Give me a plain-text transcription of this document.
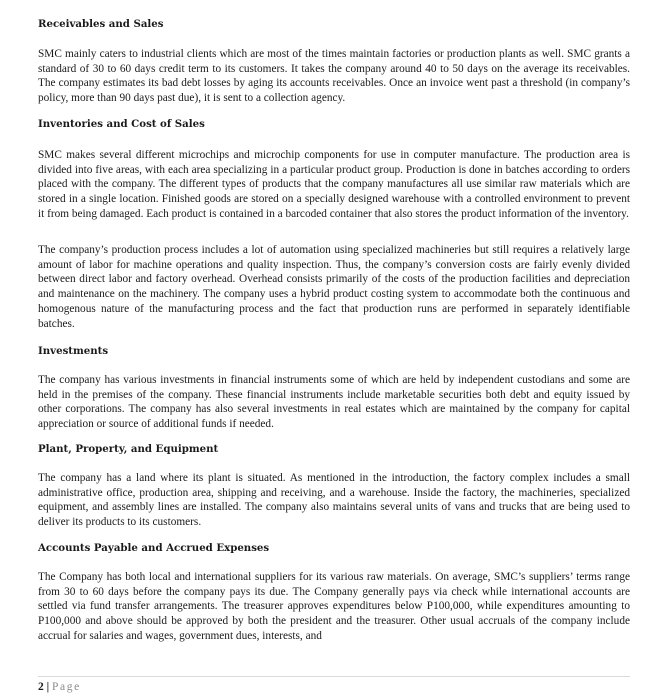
Receivables and Sales

SMC mainly caters to industrial clients which are most of the times maintain factories or production plants as well. SMC grants a standard of 30 to 60 days credit term to its customers. It takes the company around 40 to 50 days on the average its receivables. The company estimates its bad debt losses by aging its accounts receivables. Once an invoice went past a threshold (in company’s policy, more than 90 days past due), it is sent to a collection agency.

Inventories and Cost of Sales

SMC makes several different microchips and microchip components for use in computer manufacture. The production area is divided into five areas, with each area specializing in a particular product group. Production is done in batches according to orders placed with the company. The different types of products that the company manufactures all use similar raw materials which are stored in a single location. Finished goods are stored on a specially designed warehouse with a controlled environment to prevent it from being damaged. Each product is contained in a barcoded container that also stores the product information of the inventory.

The company’s production process includes a lot of automation using specialized machineries but still requires a relatively large amount of labor for machine operations and quality inspection. Thus, the company’s conversion costs are fairly evenly divided between direct labor and factory overhead. Overhead consists primarily of the costs of the production facilities and depreciation and maintenance on the machinery. The company uses a hybrid product costing system to accommodate both the continuous and homogenous nature of the manufacturing process and the fact that production runs are performed in separately identifiable batches.

Investments

The company has various investments in financial instruments some of which are held by independent custodians and some are held in the premises of the company. These financial instruments include marketable securities both debt and equity issued by other corporations. The company has also several investments in real estates which are maintained by the company for capital appreciation or source of additional funds if needed.

Plant, Property, and Equipment

The company has a land where its plant is situated. As mentioned in the introduction, the factory complex includes a small administrative office, production area, shipping and receiving, and a warehouse. Inside the factory, the machineries, specialized equipment, and assembly lines are installed. The company also maintains several units of vans and trucks that are being used to deliver its products to its customers.

Accounts Payable and Accrued Expenses

The Company has both local and international suppliers for its various raw materials. On average, SMC’s suppliers’ terms range from 30 to 60 days before the company pays its due. The Company generally pays via check while international accounts are settled via fund transfer arrangements. The treasurer approves expenditures below P100,000, while expenditures amounting to P100,000 and above should be approved by both the president and the treasurer. Other usual accruals of the company include accrual for salaries and wages, government dues, interests, and

2 | Page
